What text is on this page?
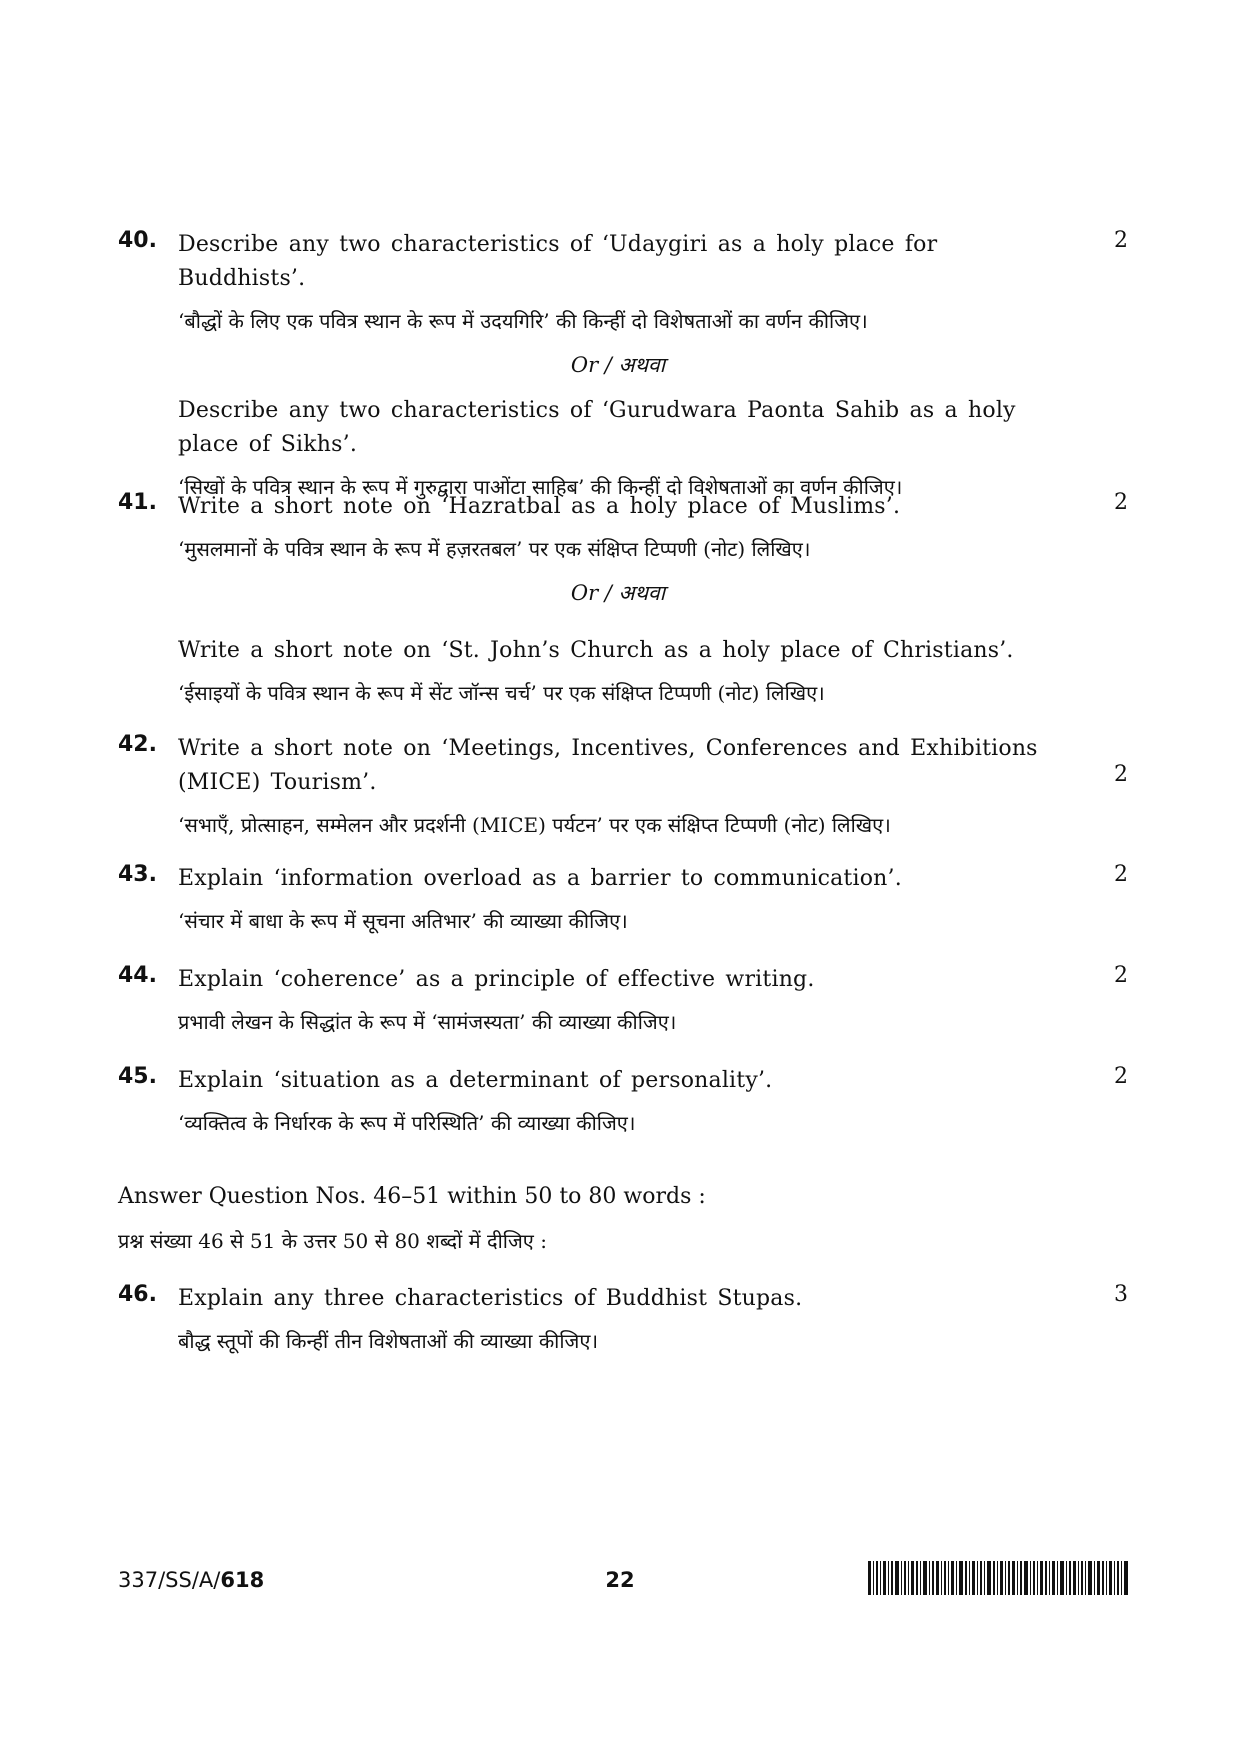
40.	2

Describe any two characteristics of ‘Udaygiri as a holy place for Buddhists’.

‘बौद्धों के लिए एक पवित्र स्थान के रूप में उदयगिरि’ की किन्हीं दो विशेषताओं का वर्णन कीजिए।

Or / अथवा

Describe any two characteristics of ‘Gurudwara Paonta Sahib as a holy

place of Sikhs’.

‘सिखों के पवित्र स्थान के रूप में गुरुद्वारा पाओंटा साहिब’ की किन्हीं दो विशेषताओं का वर्णन कीजिए।

41.	2

Write a short note on ‘Hazratbal as a holy place of Muslims’.

‘मुसलमानों के पवित्र स्थान के रूप में हज़रतबल’ पर एक संक्षिप्त टिप्पणी (नोट) लिखिए।

Or / अथवा

Write a short note on ‘St. John’s Church as a holy place of Christians’.

‘ईसाइयों के पवित्र स्थान के रूप में सेंट जॉन्स चर्च’ पर एक संक्षिप्त टिप्पणी (नोट) लिखिए।

42.
2

Write a short note on ‘Meetings, Incentives, Conferences and Exhibitions

(MICE) Tourism’.

‘सभाएँ, प्रोत्साहन, सम्मेलन और प्रदर्शनी (MICE) पर्यटन’ पर एक संक्षिप्त टिप्पणी (नोट) लिखिए।

43.	2

Explain ‘information overload as a barrier to communication’.

‘संचार में बाधा के रूप में सूचना अतिभार’ की व्याख्या कीजिए।

44.	2

Explain ‘coherence’ as a principle of effective writing.

प्रभावी लेखन के सिद्धांत के रूप में ‘सामंजस्यता’ की व्याख्या कीजिए।

45.	2

Explain ‘situation as a determinant of personality’.

‘व्यक्तित्व के निर्धारक के रूप में परिस्थिति’ की व्याख्या कीजिए।

Answer Question Nos. 46–51 within 50 to 80 words :

प्रश्न संख्या 46 से 51 के उत्तर 50 से 80 शब्दों में दीजिए :

46.	3

Explain any three characteristics of Buddhist Stupas.

बौद्ध स्तूपों की किन्हीं तीन विशेषताओं की व्याख्या कीजिए।

337/SS/A/618	22
